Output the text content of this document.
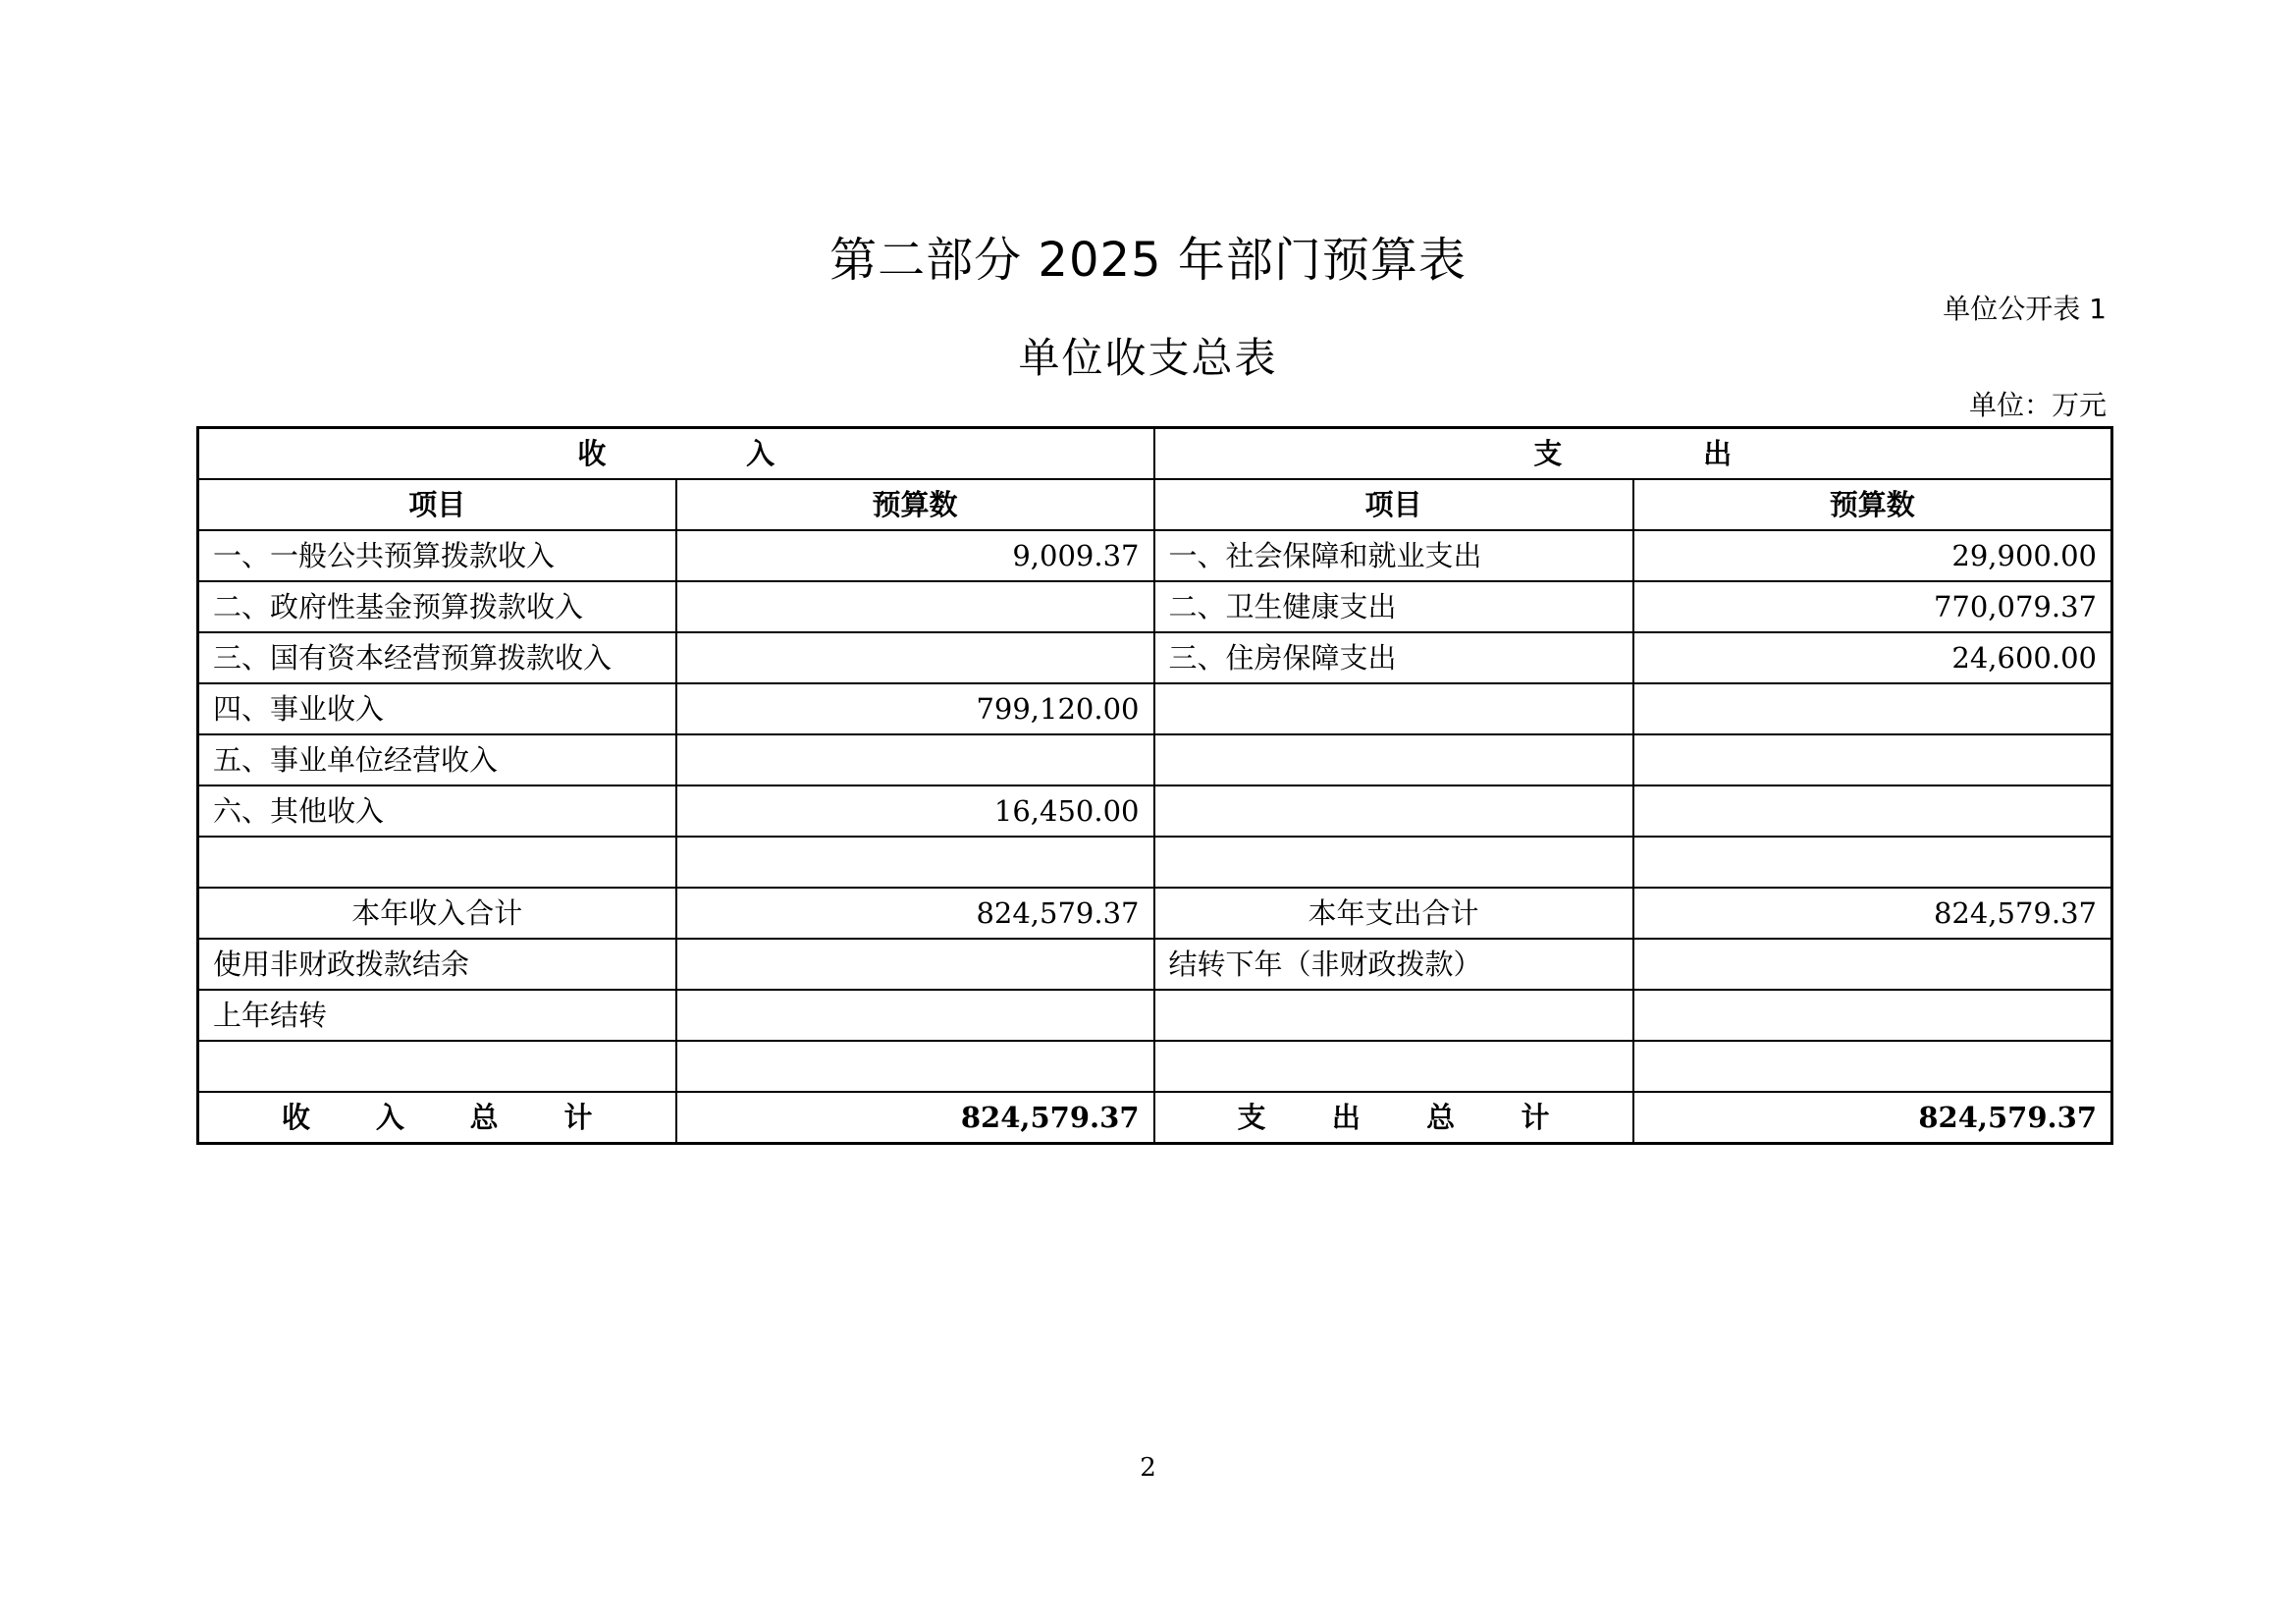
第二部分 2025 年部门预算表
单位公开表 1
单位收支总表
单位：万元
收 入		支 出	

项目	预算数	项目	预算数
一、一般公共预算拨款收入	9,009.37	一、社会保障和就业支出	29,900.00
二、政府性基金预算拨款收入		二、卫生健康支出	770,079.37
三、国有资本经营预算拨款收入		三、住房保障支出	24,600.00
四、事业收入	799,120.00		
五、事业单位经营收入			
六、其他收入	16,450.00		

本年收入合计	824,579.37	本年支出合计	824,579.37
使用非财政拨款结余		结转下年（非财政拨款）	
上年结转			

收 入 总 计	824,579.37	支 出 总 计	824,579.37
2
